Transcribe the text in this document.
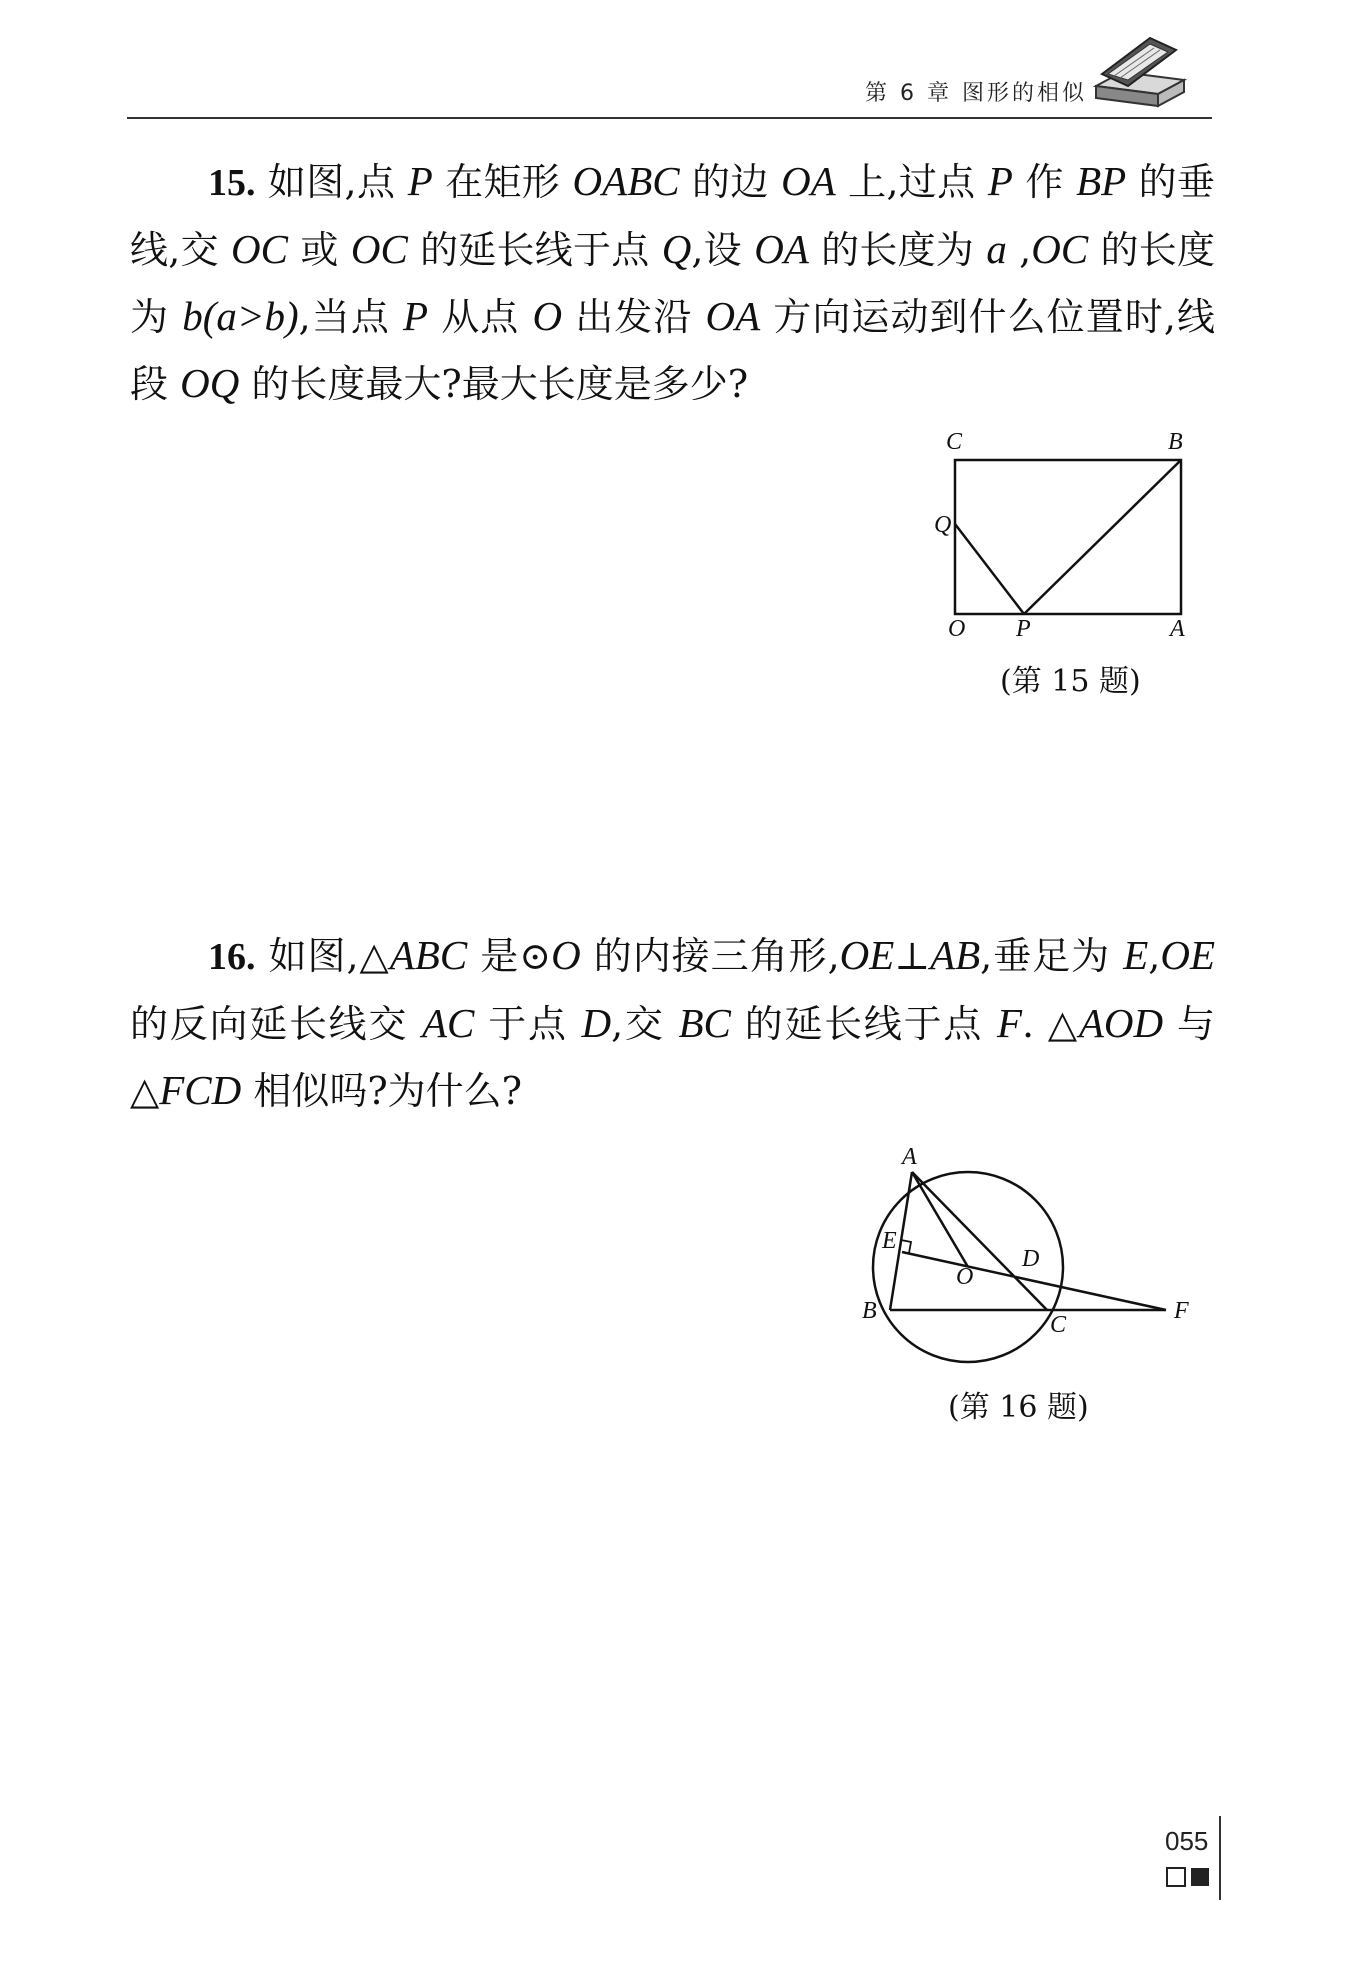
第 6 章 图形的相似

15. 如图,点 P 在矩形 OABC 的边 OA 上,过点 P 作 BP 的垂线,交 OC 或 OC 的延长线于点 Q,设 OA 的长度为 a ,OC 的长度为 b(a>b),当点 P 从点 O 出发沿 OA 方向运动到什么位置时,线段 OQ 的长度最大?最大长度是多少?

C	B
Q
O P	A
(第 15 题)

16. 如图,△ABC 是⊙O 的内接三角形,OE⊥AB,垂足为 E,OE 的反向延长线交 AC 于点 D,交 BC 的延长线于点 F. △AOD 与△FCD 相似吗?为什么?

A
E
O
D
B
C
F
(第 16 题)
055
